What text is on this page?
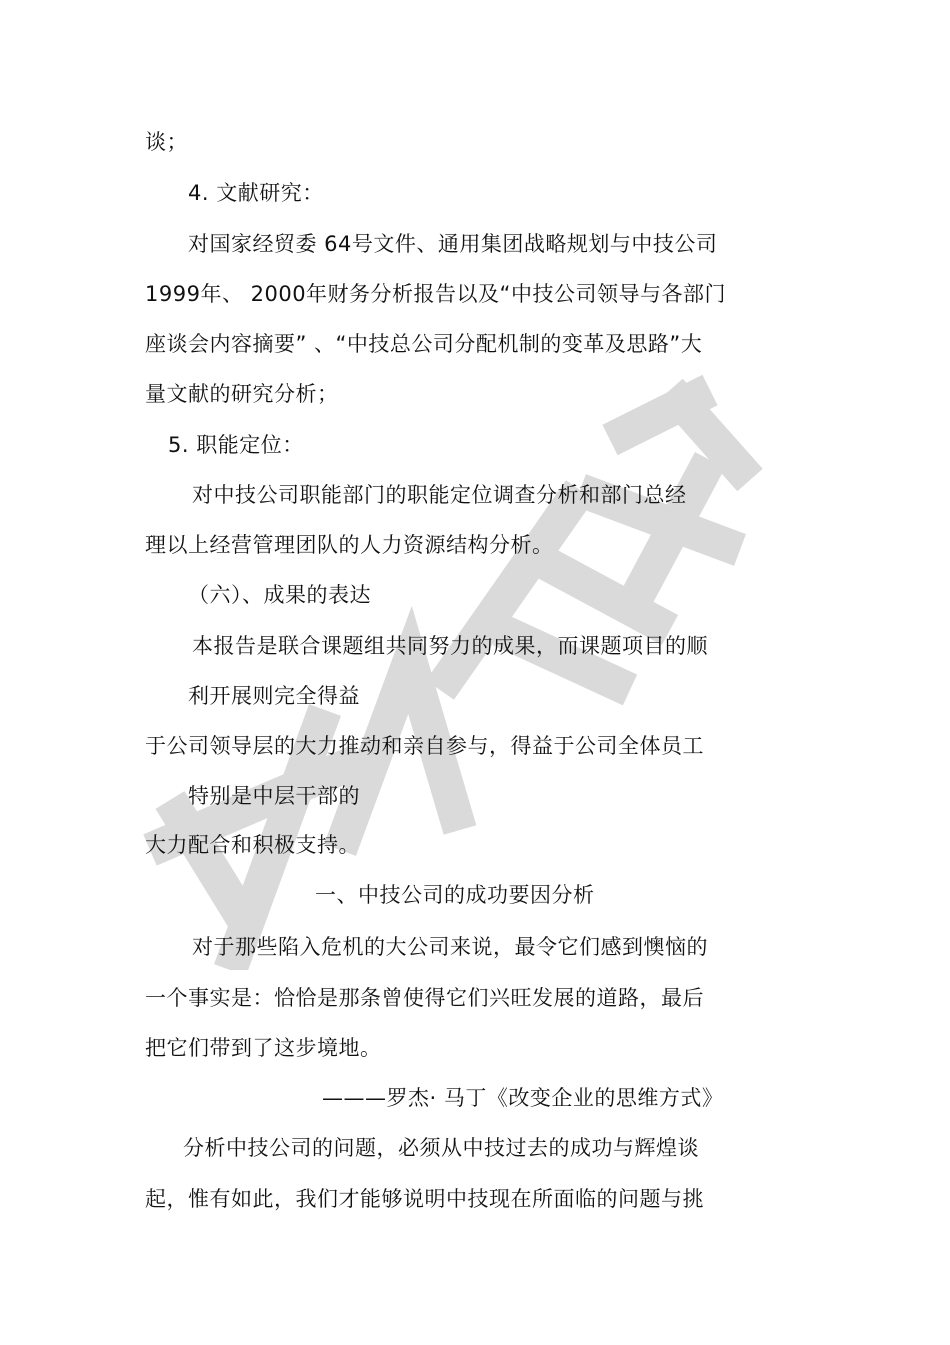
谈；
4. 文献研究：
对国家经贸委 64号文件、通用集团战略规划与中技公司
1999年、 2000年财务分析报告以及“中技公司领导与各部门
座谈会内容摘要” 、“中技总公司分配机制的变革及思路”大
量文献的研究分析；
5. 职能定位：
对中技公司职能部门的职能定位调查分析和部门总经
理以上经营管理团队的人力资源结构分析。
（六）、成果的表达
本报告是联合课题组共同努力的成果，而课题项目的顺
利开展则完全得益
于公司领导层的大力推动和亲自参与，得益于公司全体员工
特别是中层干部的
大力配合和积极支持。
一、中技公司的成功要因分析
对于那些陷入危机的大公司来说，最令它们感到懊恼的
一个事实是：恰恰是那条曾使得它们兴旺发展的道路，最后
把它们带到了这步境地。
———罗杰· 马丁《改变企业的思维方式》
分析中技公司的问题，必须从中技过去的成功与辉煌谈
起，惟有如此，我们才能够说明中技现在所面临的问题与挑
